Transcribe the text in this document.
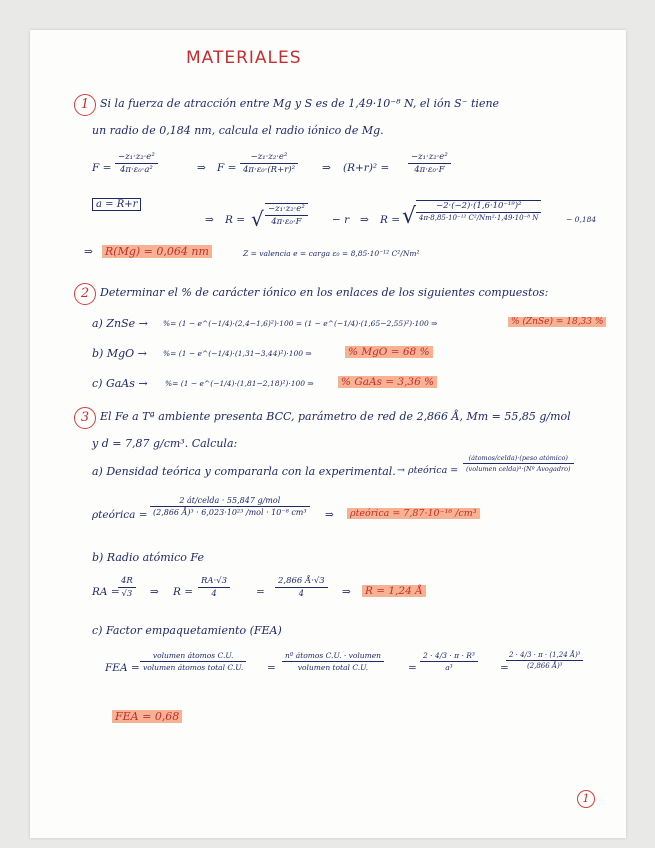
MATERIALES
1 Si la fuerza de atracción entre Mg y S es de 1,49·10⁻⁸ N, el ión S⁻ tiene
un radio de 0,184 nm, calcula el radio iónico de Mg.
$F = \frac{\text{−z₁·z₂·e²}}{\text{4π·ε₀·a²}}$	⇒ $F = \frac{\text{−z₁·z₂·e²}}{\text{4π·ε₀·(R+r)²}}$ ⇒ $(R+r)^2 = \frac{\text{−z₁·z₂·e²}}{\text{4π·ε₀·F}}$
a = R+r
⇒ R = √ $\frac{\text{−z₁·z₂·e²}}{\text{4π·ε₀·F}} - r$ ⇒ R = √	−2·(−2)·(1,6·10⁻¹⁹)²
4π·8,85·10⁻¹² C²/Nm²·1,49·10⁻⁸ N	− 0,184
⇒ R(Mg) = 0,064 nm	Z = valencia e = carga ε₀ = 8,85·10⁻¹² C²/Nm²
2 Determinar el % de carácter iónico en los enlaces de los siguientes compuestos:
a) ZnSe → %= (1 − e^(−1/4)·(2,4−1,6)²)·100 = (1 − e^(−1/4)·(1,65−2,55)²)·100 ⇒	% (ZnSe) = 18,33 %
b) MgO → %= (1 − e^(−1/4)·(1,31−3,44)²)·100 ⇒	% MgO = 68 %
c) GaAs → %= (1 − e^(−1/4)·(1,81−2,18)²)·100 ⇒	% GaAs = 3,36 %
3 El Fe a Tª ambiente presenta BCC, parámetro de red de 2,866 Å, Mm = 55,85 g/mol
y d = 7,87 g/cm³. Calcula:
a) Densidad teórica y compararla con la experimental. → ρteórica =
(átomos/celda)·(peso atómico)
(volumen celda)³·(Nº Avogadro)
ρteórica =
2 át/celda · 55,847 g/mol
(2,866 Å)³ · 6,023·10²³ /mol · 10⁻⁸ cm³ ⇒	ρteórica = 7,87·10⁻¹⁶ /cm³
b) Radio atómico Fe
RA =
$\frac{4R}{√3}$ ⇒ $R = \frac{RA\cdot√3}{4} = \frac{2,866 Å\cdot√3}{4}$ ⇒ R = 1,24 Å
c) Factor empaquetamiento (FEA)
FEA =
volumen átomos C.U.
volumen átomos total C.U. =
nº átomos C.U. · volumen
volumen total C.U.	= $\frac{\text{2 · 4/3 · π · R³}}{\text{a³}}$ =
$\frac{\text{2 · 4/3 · π · (1,24 Å)³}}{\text{(2,866 Å)³}}$
FEA = 0,68
1
